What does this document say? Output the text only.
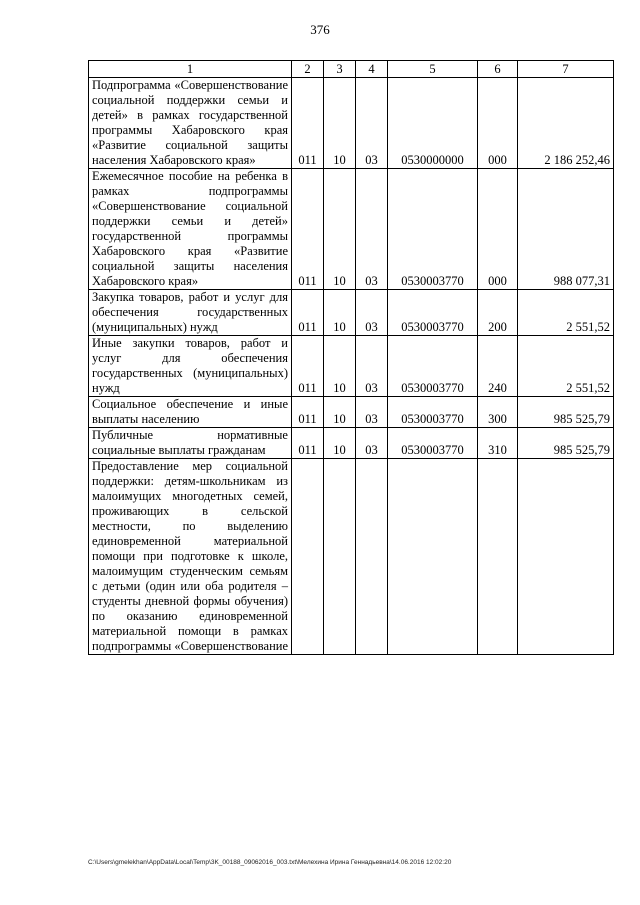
376
1	2	3	4	5	6	7
Подпрограмма «Совершенствование социальной поддержки семьи и детей» в рамках государственной программы Хабаровского края «Развитие социальной защиты населения Хабаровского края»	011	10	03	0530000000	000	2 186 252,46
Ежемесячное пособие на ребенка в рамках подпрограммы «Совершенствование социальной поддержки семьи и детей» государственной программы Хабаровского края «Развитие социальной защиты населения Хабаровского края»	011	10	03	0530003770	000	988 077,31
Закупка товаров, работ и услуг для обеспечения государственных (муниципальных) нужд	011	10	03	0530003770	200	2 551,52
Иные закупки товаров, работ и услуг для обеспечения государственных (муниципальных) нужд	011	10	03	0530003770	240	2 551,52
Социальное обеспечение и иные выплаты населению	011	10	03	0530003770	300	985 525,79
Публичные нормативные социальные выплаты гражданам	011	10	03	0530003770	310	985 525,79
Предоставление мер социальной поддержки: детям-школьникам из малоимущих многодетных семей, проживающих в сельской местности, по выделению единовременной материальной помощи при подготовке к школе, малоимущим студенческим семьям с детьми (один или оба родителя – студенты дневной формы обучения) по оказанию единовременной материальной помощи в рамках подпрограммы «Совершенствование						
C:\Users\gmelekhan\AppData\Local\Temp\3K_00188_09062016_003.txt\Мелехина Ирина Геннадьевна\14.06.2016 12:02:20
